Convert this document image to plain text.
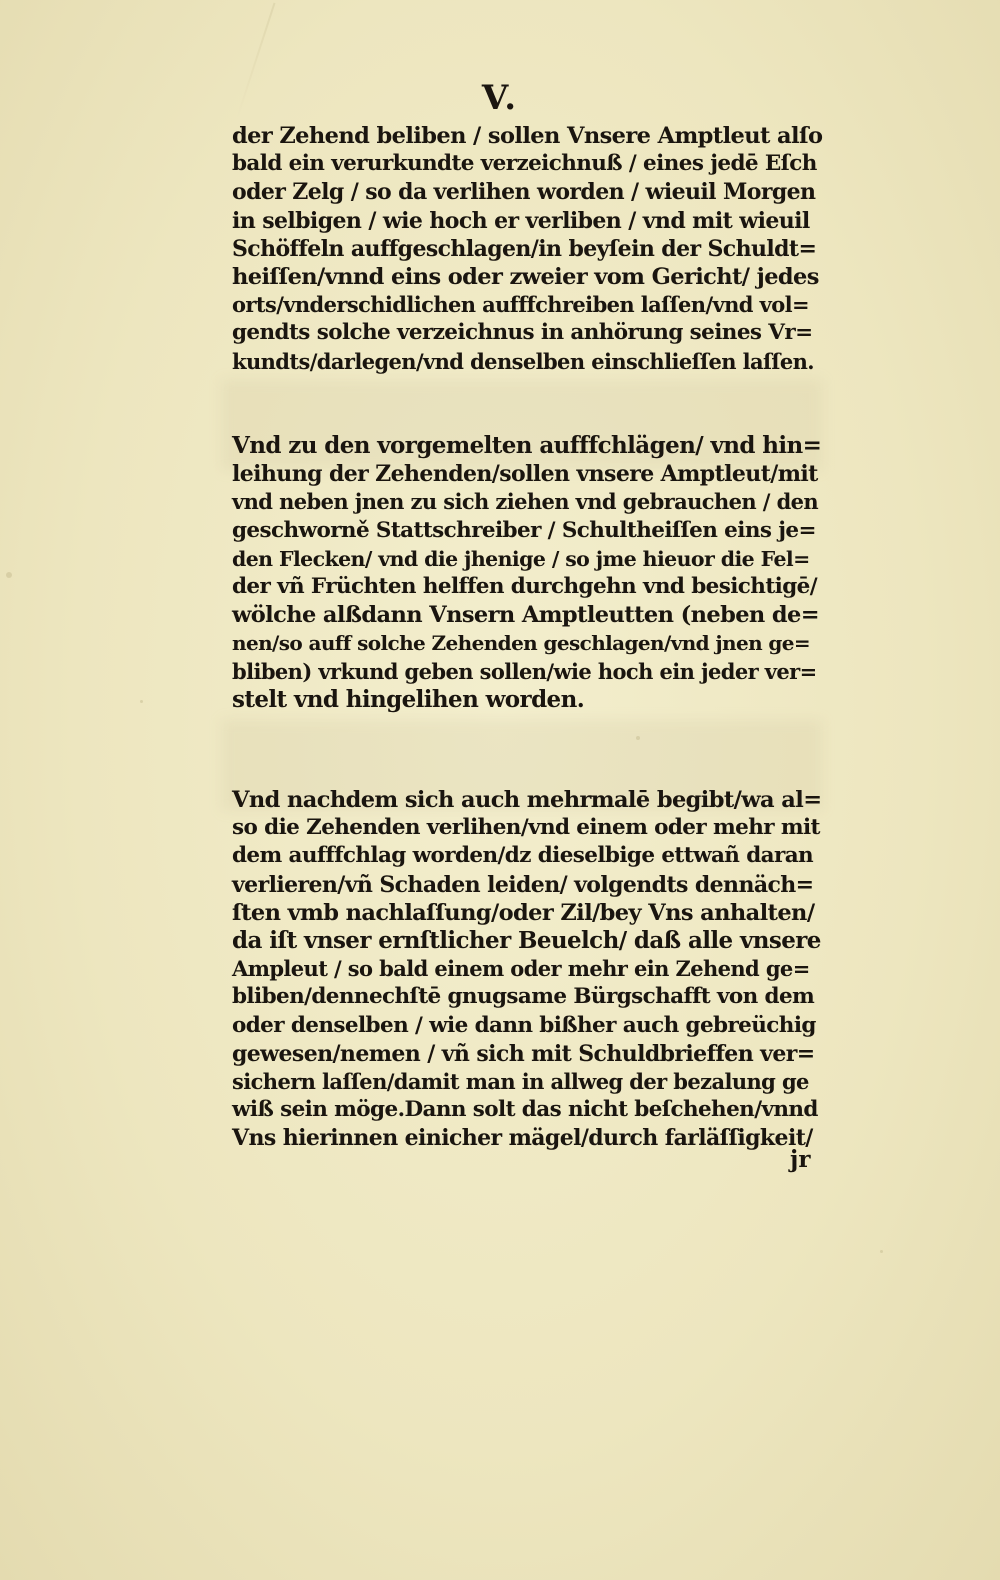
V.
der Zehend beliben / sollen Vnsere Amptleut alſo
bald ein verurkundte verzeichnuß / eines jedē Eſch
oder Zelg / so da verlihen worden / wieuil Morgen
in selbigen / wie hoch er verliben / vnd mit wieuil
Schöffeln auffgeschlagen/in beyſein der Schuldt=
heiſſen/vnnd eins oder zweier vom Gericht/ jedes
orts/vnderschidlichen aufffchreiben laſſen/vnd vol=
gendts solche verzeichnus in anhörung seines Vr=
kundts/darlegen/vnd denselben einschlieſſen laſſen.
Vnd zu den vorgemelten aufffchlägen/ vnd hin=
leihung der Zehenden/sollen vnsere Amptleut/mit
vnd neben jnen zu sich ziehen vnd gebrauchen / den
geschworně Stattschreiber / Schultheiſſen eins je=
den Flecken/ vnd die jhenige / so jme hieuor die Fel=
der vñ Früchten helffen durchgehn vnd besichtigē/
wölche alßdann Vnsern Amptleutten (neben de=
nen/so auff solche Zehenden geschlagen/vnd jnen ge=
bliben) vrkund geben sollen/wie hoch ein jeder ver=
stelt vnd hingelihen worden.
Vnd nachdem sich auch mehrmalē begibt/wa al=
so die Zehenden verlihen/vnd einem oder mehr mit
dem aufffchlag worden/dz dieselbige ettwañ daran
verlieren/vñ Schaden leiden/ volgendts dennäch=
ſten vmb nachlaſſung/oder Zil/bey Vns anhalten/
da iſt vnser ernſtlicher Beuelch/ daß alle vnsere
Ampleut / so bald einem oder mehr ein Zehend ge=
bliben/dennechſtē gnugsame Bürgschafft von dem
oder denselben / wie dann bißher auch gebreüchig
gewesen/nemen / vñ sich mit Schuldbrieffen ver=
sichern laſſen/damit man in allweg der bezalung ge
wiß sein möge.Dann solt das nicht beſchehen/vnnd
Vns hierinnen einicher mägel/durch farläſſigkeit/
jr
